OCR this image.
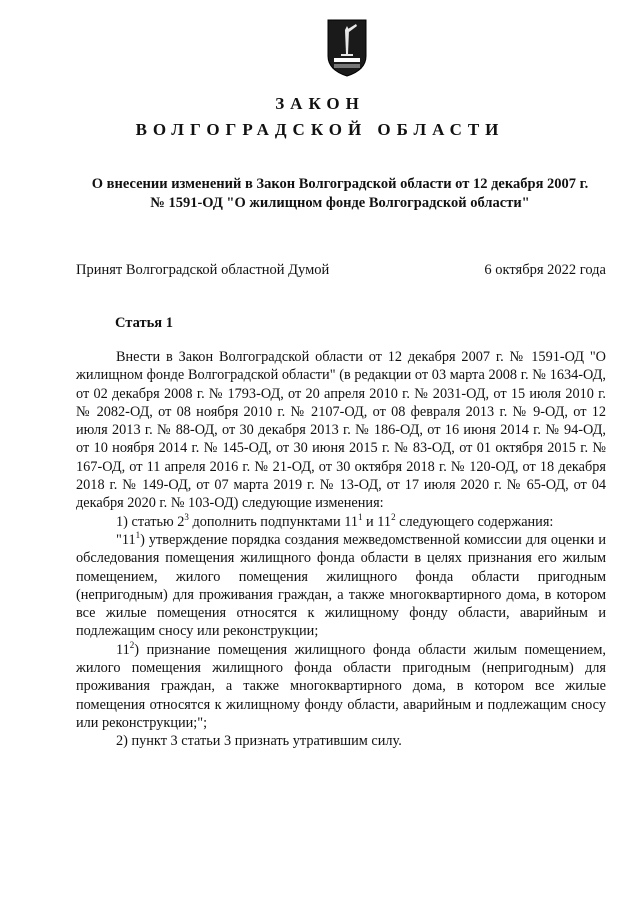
ЗАКОН
ВОЛГОГРАДСКОЙ ОБЛАСТИ
О внесении изменений в Закон Волгоградской области от 12 декабря 2007 г.
№ 1591-ОД "О жилищном фонде Волгоградской области"
Принят Волгоградской областной Думой	6 октября 2022 года
Статья 1
Внести в Закон Волгоградской области от 12 декабря 2007 г. № 1591-ОД "О жилищном фонде Волгоградской области" (в редакции от 03 марта 2008 г. № 1634-ОД, от 02 декабря 2008 г. № 1793-ОД, от 20 апреля 2010 г. № 2031-ОД, от 15 июля 2010 г. № 2082-ОД, от 08 ноября 2010 г. № 2107-ОД, от 08 февраля 2013 г. № 9-ОД, от 12 июля 2013 г. № 88-ОД, от 30 декабря 2013 г. № 186-ОД, от 16 июня 2014 г. № 94-ОД, от 10 ноября 2014 г. № 145-ОД, от 30 июня 2015 г. № 83-ОД, от 01 октября 2015 г. № 167-ОД, от 11 апреля 2016 г. № 21-ОД, от 30 октября 2018 г. № 120-ОД, от 18 декабря 2018 г. № 149-ОД, от 07 марта 2019 г. № 13-ОД, от 17 июля 2020 г. № 65-ОД, от 04 декабря 2020 г. № 103-ОД) следующие изменения:
1) статью $2^3$ дополнить подпунктами $11^1$ и $11^2$ следующего содержания:
"$11^1$) утверждение порядка создания межведомственной комиссии для оценки и обследования помещения жилищного фонда области в целях признания его жилым помещением, жилого помещения жилищного фонда области пригодным (непригодным) для проживания граждан, а также многоквартирного дома, в котором все жилые помещения относятся к жилищному фонду области, аварийным и подлежащим сносу или реконструкции;
$11^2$) признание помещения жилищного фонда области жилым помещением, жилого помещения жилищного фонда области пригодным (непригодным) для проживания граждан, а также многоквартирного дома, в котором все жилые помещения относятся к жилищному фонду области, аварийным и подлежащим сносу или реконструкции;";
2) пункт 3 статьи 3 признать утратившим силу.
